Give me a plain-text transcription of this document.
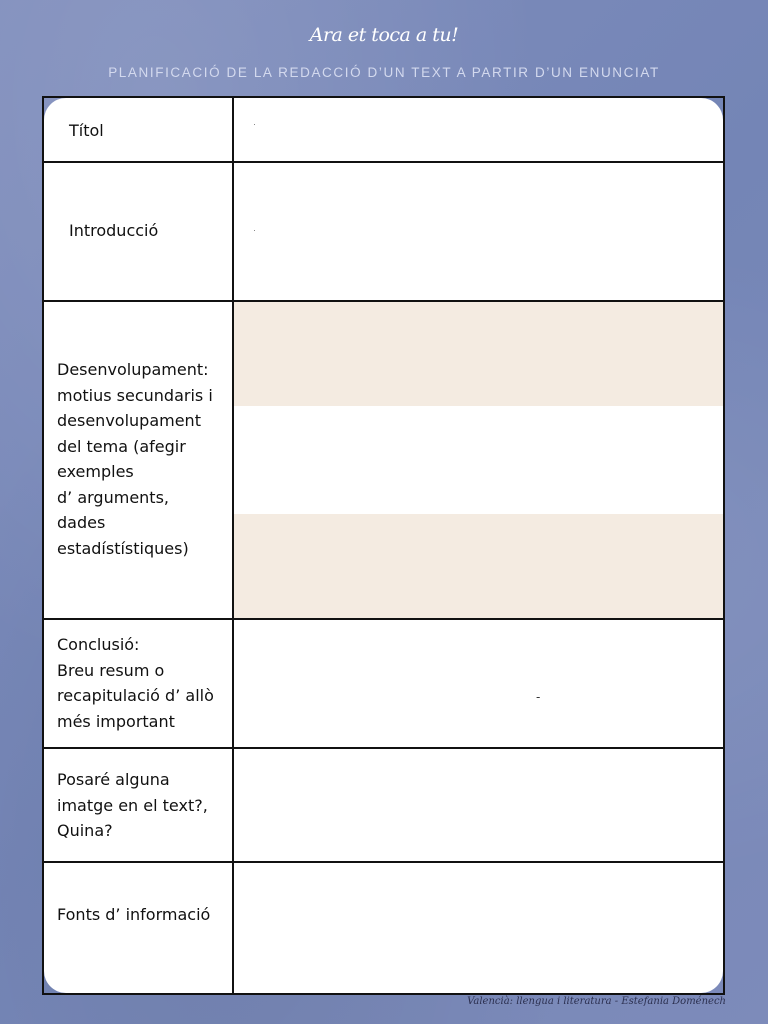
Ara et toca a tu!
PLANIFICACIÓ DE LA REDACCIÓ D’UN TEXT A PARTIR D’UN ENUNCIAT
Títol
Introducció
Desenvolupament:
motius secundaris i
desenvolupament
del tema (afegir
exemples
d’ arguments,
dades
estadístístiques)
Conclusió:
Breu resum o
recapitulació d’ allò
més important
Posaré alguna
imatge en el text?,
Quina?
Fonts d’ informació
-
Valencià: llengua i literatura - Estefania Doménech
